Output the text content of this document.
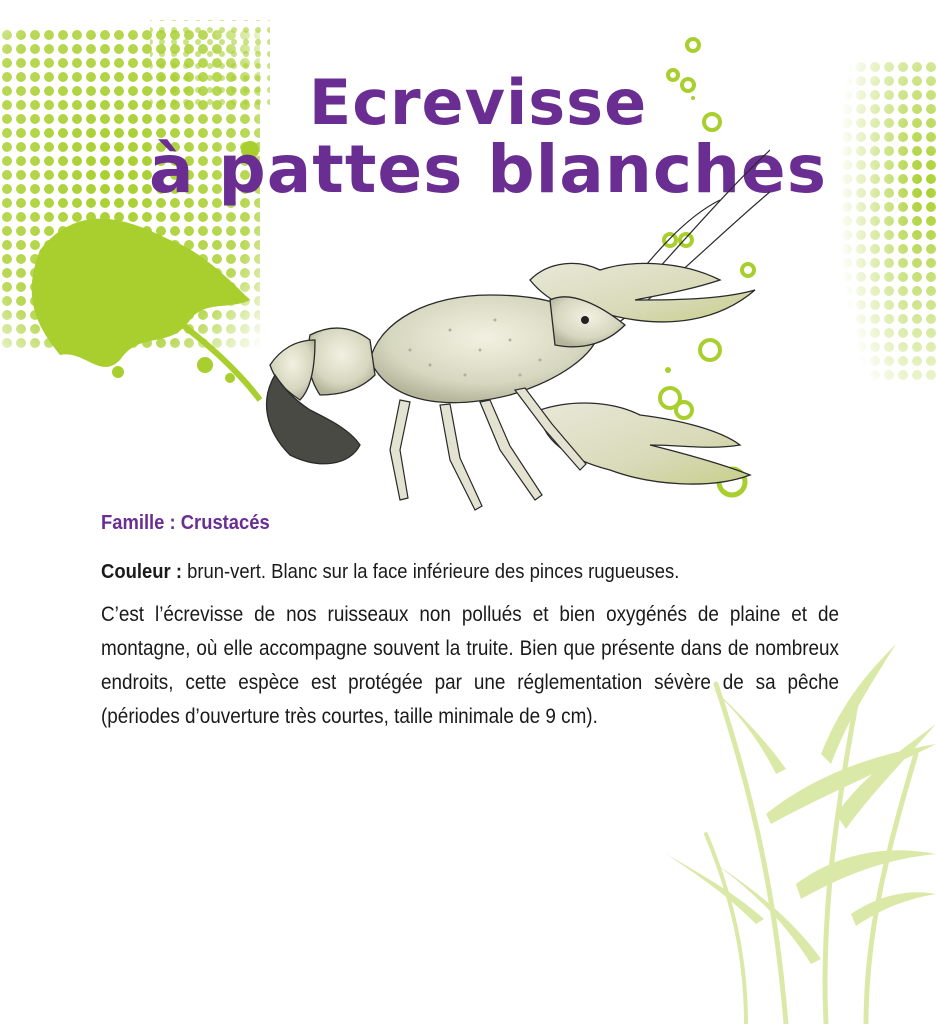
Ecrevisse
à pattes blanches
Famille : Crustacés
Couleur : brun-vert. Blanc sur la face inférieure des pinces rugueuses.
C’est l’écrevisse de nos ruisseaux non pollués et bien oxygénés de plaine et de montagne, où elle accompagne souvent la truite. Bien que présente dans de nombreux endroits, cette espèce est protégée par une réglementation sévère de sa pêche (périodes d’ouverture très courtes, taille minimale de 9 cm).
